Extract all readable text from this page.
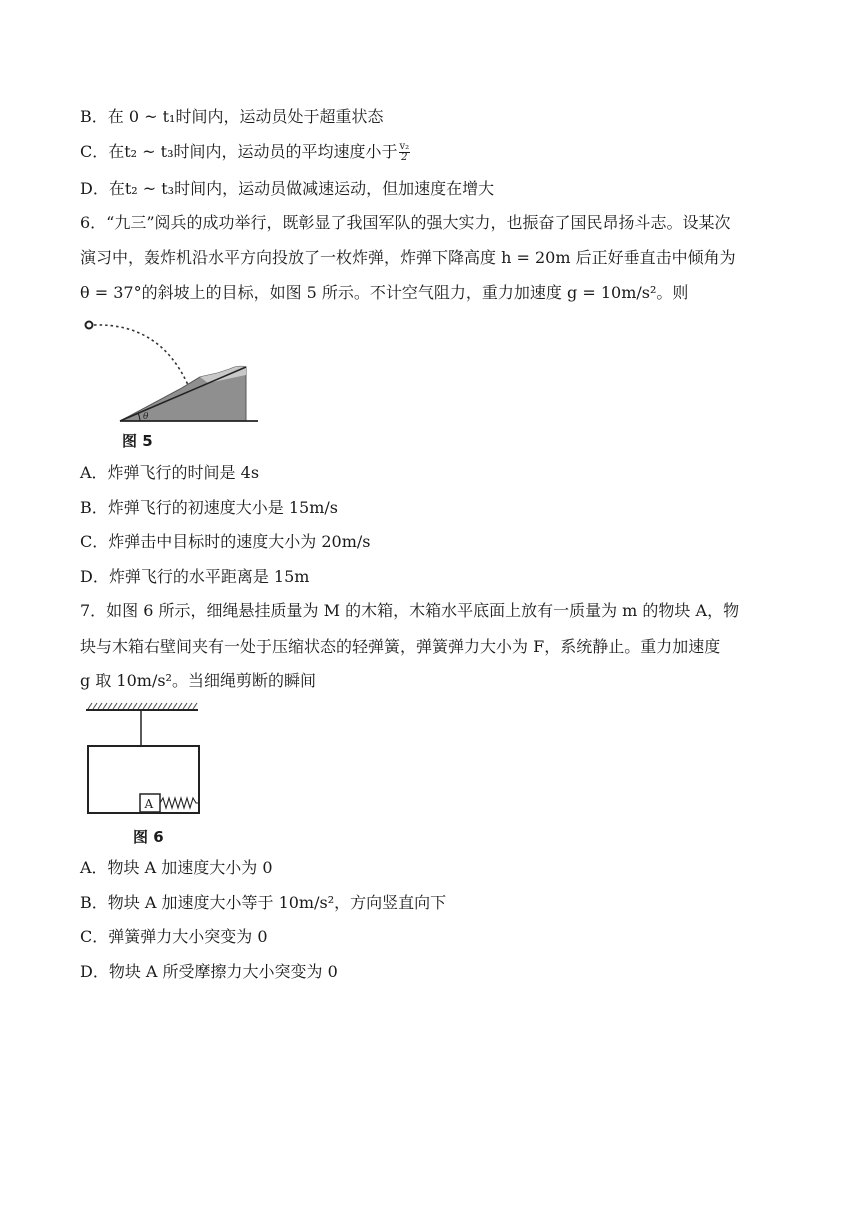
B．在 0 ~ t₁时间内，运动员处于超重状态
C．在t₂ ~ t₃时间内，运动员的平均速度小于 $\frac{\text{v₂}}{2}$
D．在t₂ ~ t₃时间内，运动员做减速运动，但加速度在增大
6．“九三”阅兵的成功举行，既彰显了我国军队的强大实力，也振奋了国民昂扬斗志。设某次
演习中，轰炸机沿水平方向投放了一枚炸弹，炸弹下降高度 h = 20m 后正好垂直击中倾角为
θ = 37°的斜坡上的目标，如图 5 所示。不计空气阻力，重力加速度 g = 10m/s²。则
θ
图 5
A．炸弹飞行的时间是 4s
B．炸弹飞行的初速度大小是 15m/s
C．炸弹击中目标时的速度大小为 20m/s
D．炸弹飞行的水平距离是 15m
7．如图 6 所示，细绳悬挂质量为 M 的木箱，木箱水平底面上放有一质量为 m 的物块 A，物
块与木箱右壁间夹有一处于压缩状态的轻弹簧，弹簧弹力大小为 F，系统静止。重力加速度
g 取 10m/s²。当细绳剪断的瞬间
A
图 6
A．物块 A 加速度大小为 0
B．物块 A 加速度大小等于 10m/s²，方向竖直向下
C．弹簧弹力大小突变为 0
D．物块 A 所受摩擦力大小突变为 0
